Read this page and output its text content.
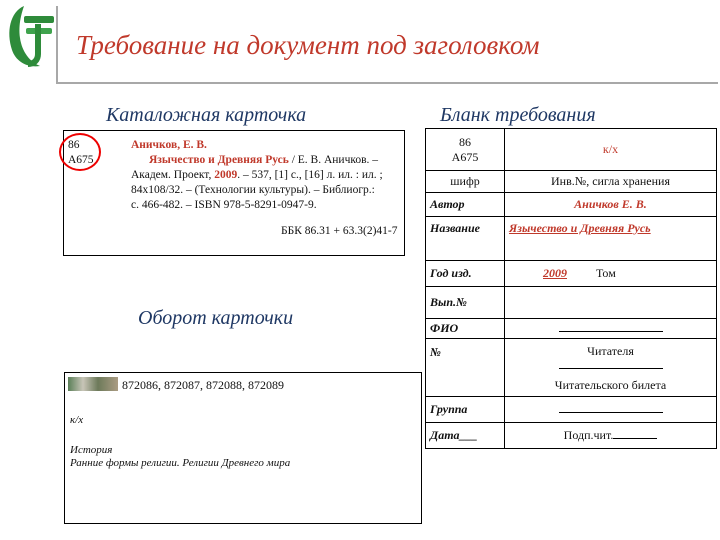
Требование на документ под заголовком
Каталожная карточка	Бланк требования
86
А675
Аничков, Е. В.
Язычество и Древняя Русь / Е. В. Аничков. –
Академ. Проект, 2009. – 537, [1] с., [16] л. ил. : ил. ;
84х108/32. – (Технологии культуры). – Библиогр.:
с. 466-482. – ISBN 978-5-8291-0947-9.
ББК 86.31 + 63.3(2)41-7
Оборот карточки
872086, 872087, 872088, 872089
к/х
История
Ранние формы религии. Религии Древнего мира
86
А675	к/х
шифр	Инв.№, сигла хранения
Автор	Аничков Е. В.
Название	Язычество и Древняя Русь
Год изд.	2009 Том
Вып.№	
ФИО	
№	Читателя
Читательского билета

Группа	
Дата___	Подп.чит.
